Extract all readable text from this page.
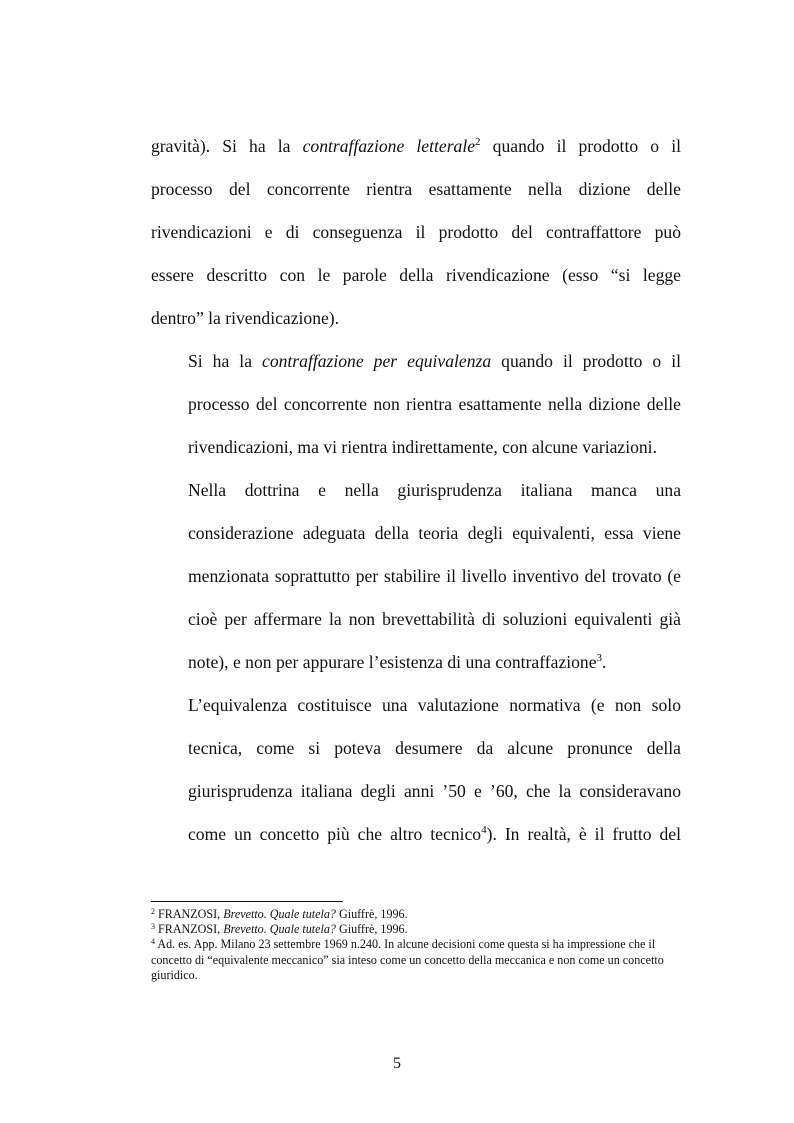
gravità). Si ha la contraffazione letterale$^2$ quando il prodotto o il
processo del concorrente rientra esattamente nella dizione delle
rivendicazioni e di conseguenza il prodotto del contraffattore può
essere descritto con le parole della rivendicazione (esso “si legge
dentro” la rivendicazione).

Si ha la contraffazione per equivalenza quando il prodotto o il
processo del concorrente non rientra esattamente nella dizione delle
rivendicazioni, ma vi rientra indirettamente, con alcune variazioni.

Nella dottrina e nella giurisprudenza italiana manca una
considerazione adeguata della teoria degli equivalenti, essa viene
menzionata soprattutto per stabilire il livello inventivo del trovato (e
cioè per affermare la non brevettabilità di soluzioni equivalenti già
note), e non per appurare l’esistenza di una contraffazione$^3$.

L’equivalenza costituisce una valutazione normativa (e non solo
tecnica, come si poteva desumere da alcune pronunce della
giurisprudenza italiana degli anni ’50 e ’60, che la consideravano
come un concetto più che altro tecnico$^4$). In realtà, è il frutto del

$^2$ FRANZOSI, Brevetto. Quale tutela? Giuffrè, 1996.

$^3$ FRANZOSI, Brevetto. Quale tutela? Giuffrè, 1996.

$^4$ Ad. es. App. Milano 23 settembre 1969 n.240. In alcune decisioni come questa si ha impressione che il concetto di “equivalente meccanico” sia inteso come un concetto della meccanica e non come un concetto giuridico.

5
